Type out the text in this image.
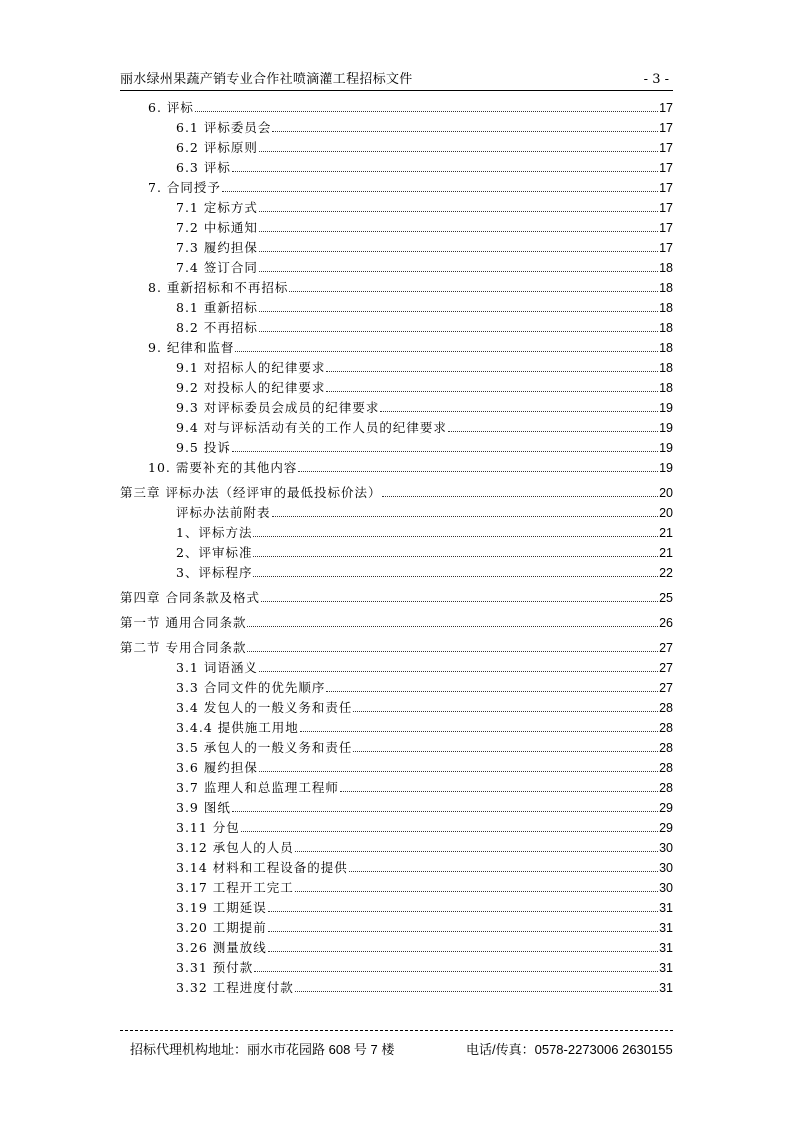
丽水绿州果蔬产销专业合作社喷滴灌工程招标文件	- 3 -
6. 评标	17
6.1 评标委员会	17
6.2 评标原则	17
6.3 评标	17
7. 合同授予	17
7.1 定标方式	17
7.2 中标通知	17
7.3 履约担保	17
7.4 签订合同	18
8. 重新招标和不再招标	18
8.1 重新招标	18
8.2 不再招标	18
9. 纪律和监督	18
9.1 对招标人的纪律要求	18
9.2 对投标人的纪律要求	18
9.3 对评标委员会成员的纪律要求	19
9.4 对与评标活动有关的工作人员的纪律要求	19
9.5 投诉	19
10. 需要补充的其他内容	19
第三章 评标办法（经评审的最低投标价法）	20
评标办法前附表	20
1、评标方法	21
2、评审标准	21
3、评标程序	22
第四章 合同条款及格式	25
第一节 通用合同条款	26
第二节 专用合同条款	27
3.1 词语涵义	27
3.3 合同文件的优先顺序	27
3.4 发包人的一般义务和责任	28
3.4.4 提供施工用地	28
3.5 承包人的一般义务和责任	28
3.6 履约担保	28
3.7 监理人和总监理工程师	28
3.9 图纸	29
3.11 分包	29
3.12 承包人的人员	30
3.14 材料和工程设备的提供	30
3.17 工程开工完工	30
3.19 工期延误	31
3.20 工期提前	31
3.26 测量放线	31
3.31 预付款	31
3.32 工程进度付款	31
招标代理机构地址：丽水市花园路 608 号 7 楼	电话/传真：0578-2273006 2630155
